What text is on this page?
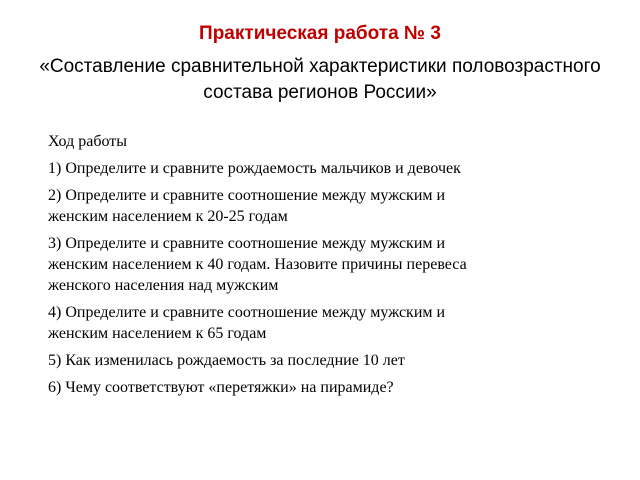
Практическая работа № 3
«Составление сравнительной характеристики половозрастного
состава регионов России»
Ход работы
1) Определите и сравните рождаемость мальчиков и девочек
2) Определите и сравните соотношение между мужским и
женским населением к 20-25 годам
3) Определите и сравните соотношение между мужским и
женским населением к 40 годам. Назовите причины перевеса
женского населения над мужским
4) Определите и сравните соотношение между мужским и
женским населением к 65 годам
5) Как изменилась рождаемость за последние 10 лет
6) Чему соответствуют «перетяжки» на пирамиде?
